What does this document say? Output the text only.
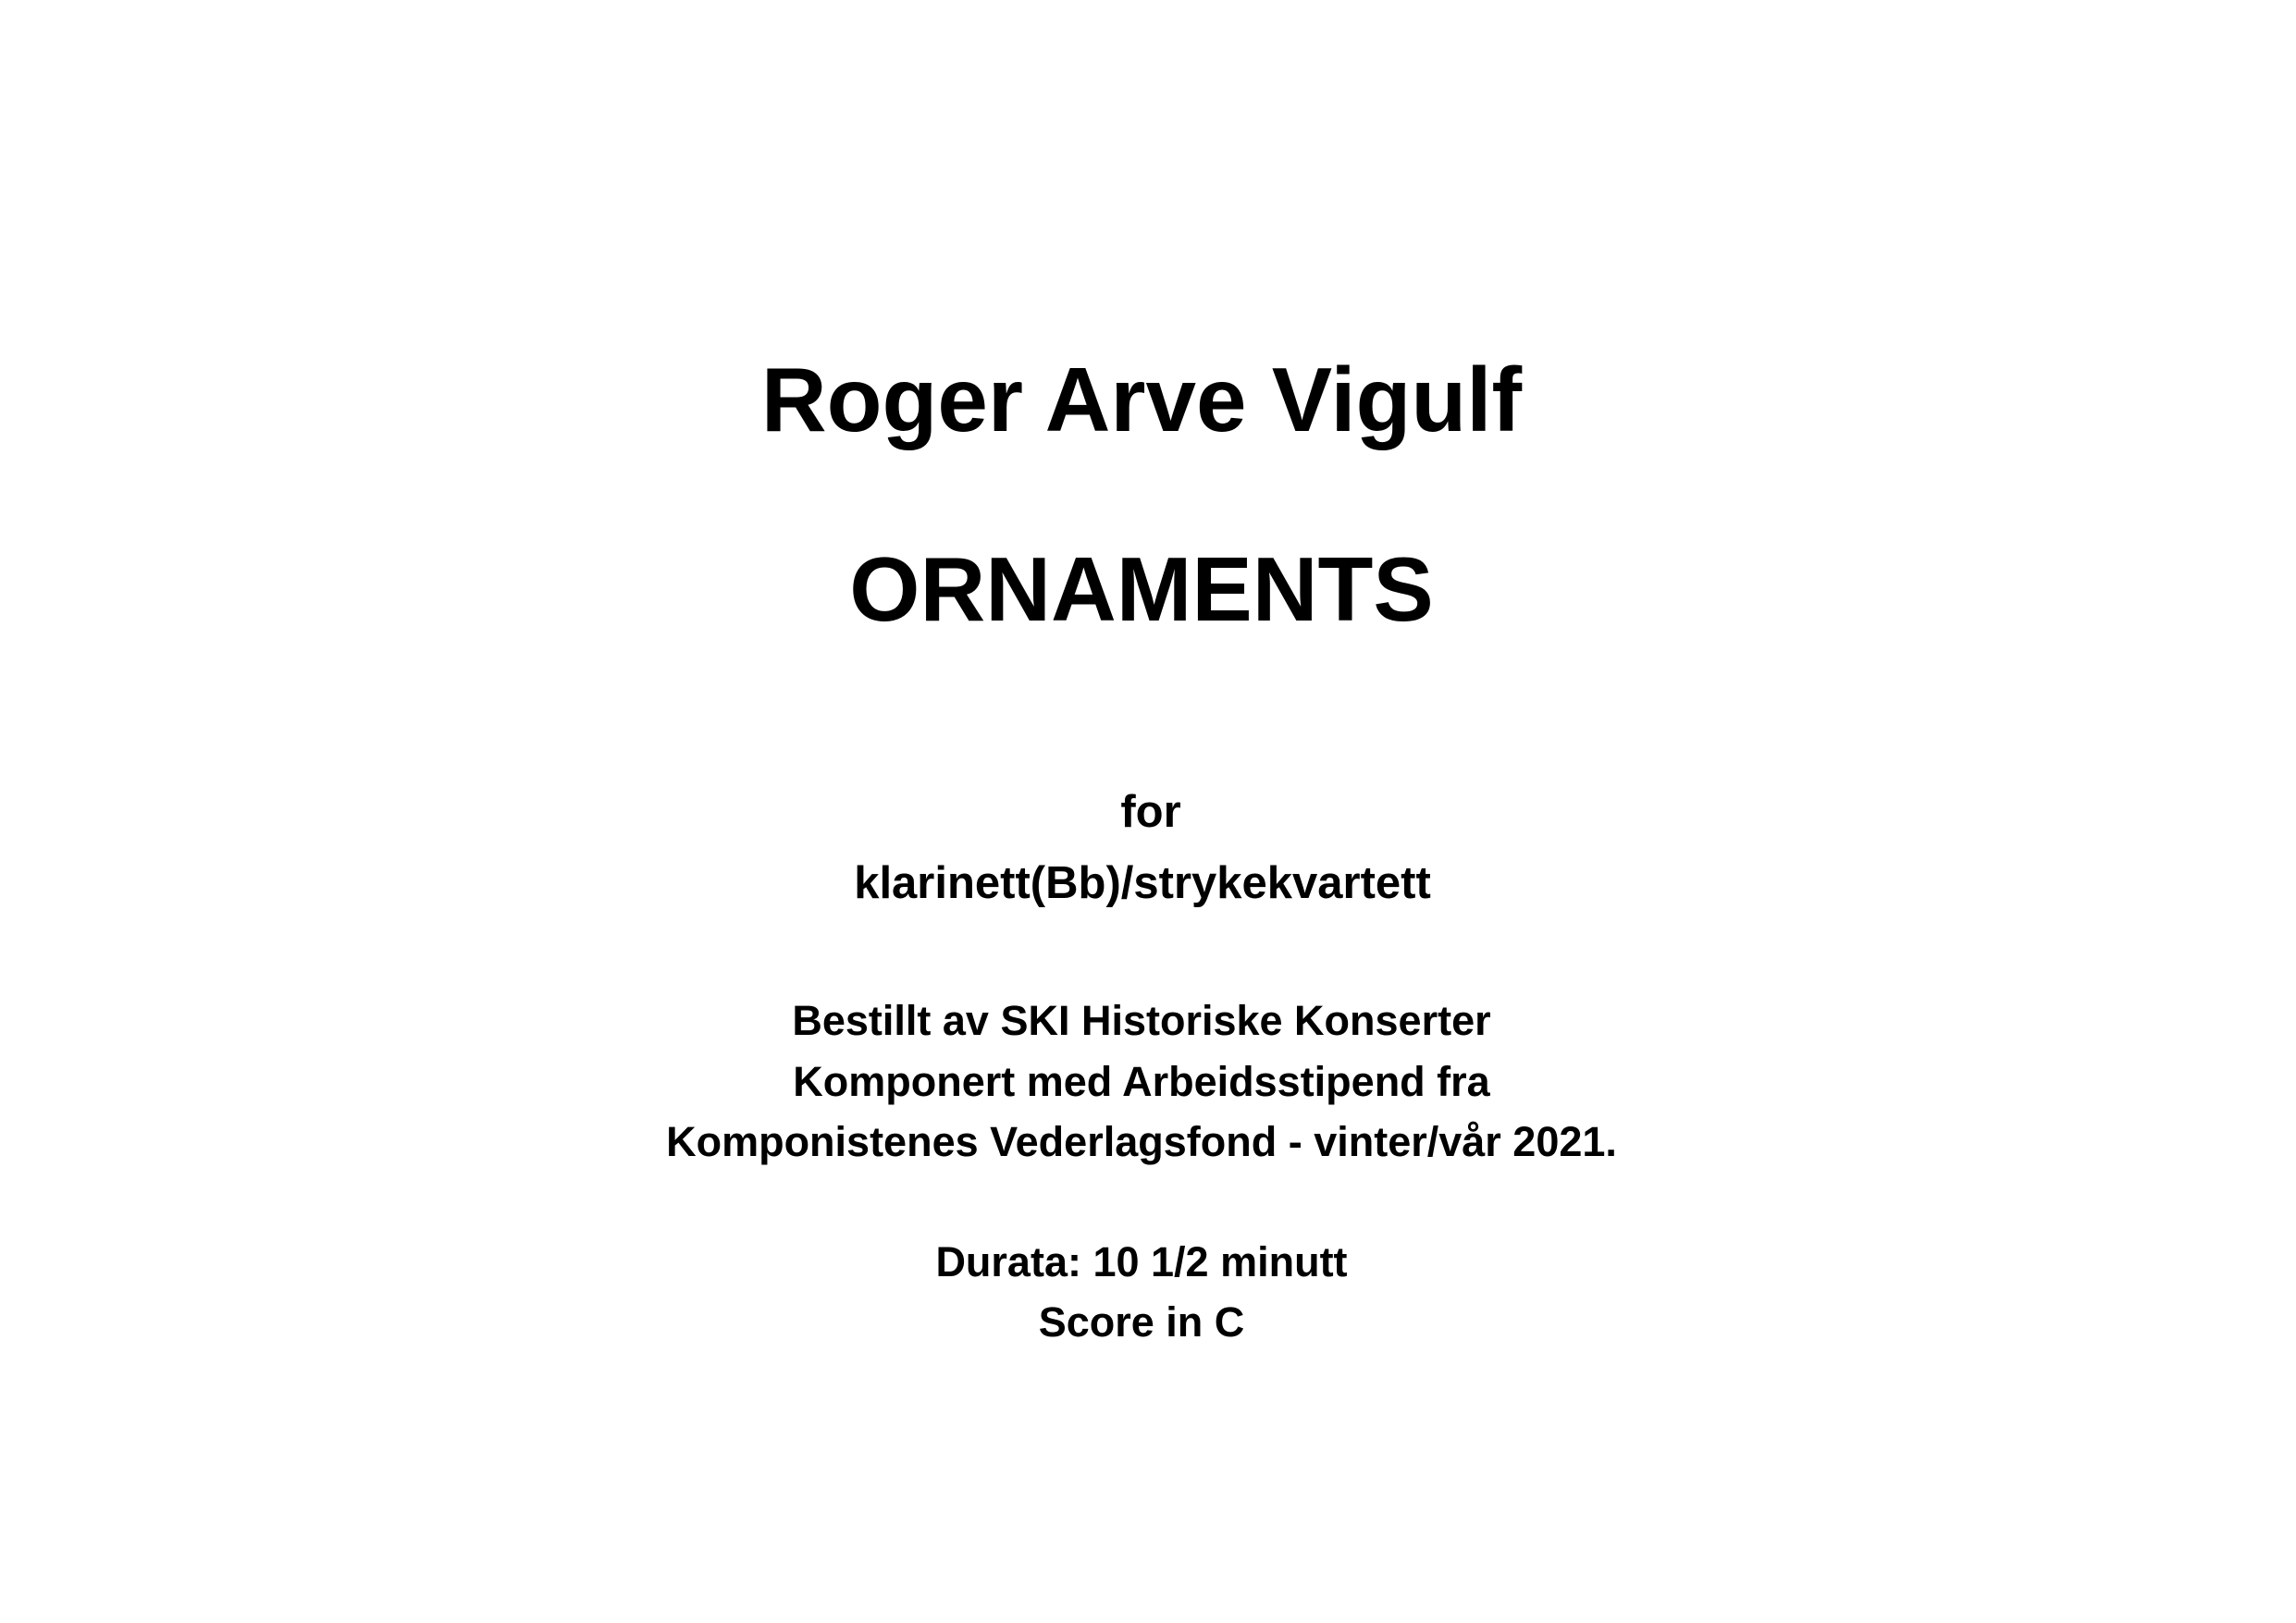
Roger Arve Vigulf
ORNAMENTS
for
klarinett(Bb)/strykekvartett
Bestillt av SKI Historiske Konserter
Komponert med Arbeidsstipend fra
Komponistenes Vederlagsfond - vinter/vår 2021.
Durata: 10 1/2 minutt
Score in C
